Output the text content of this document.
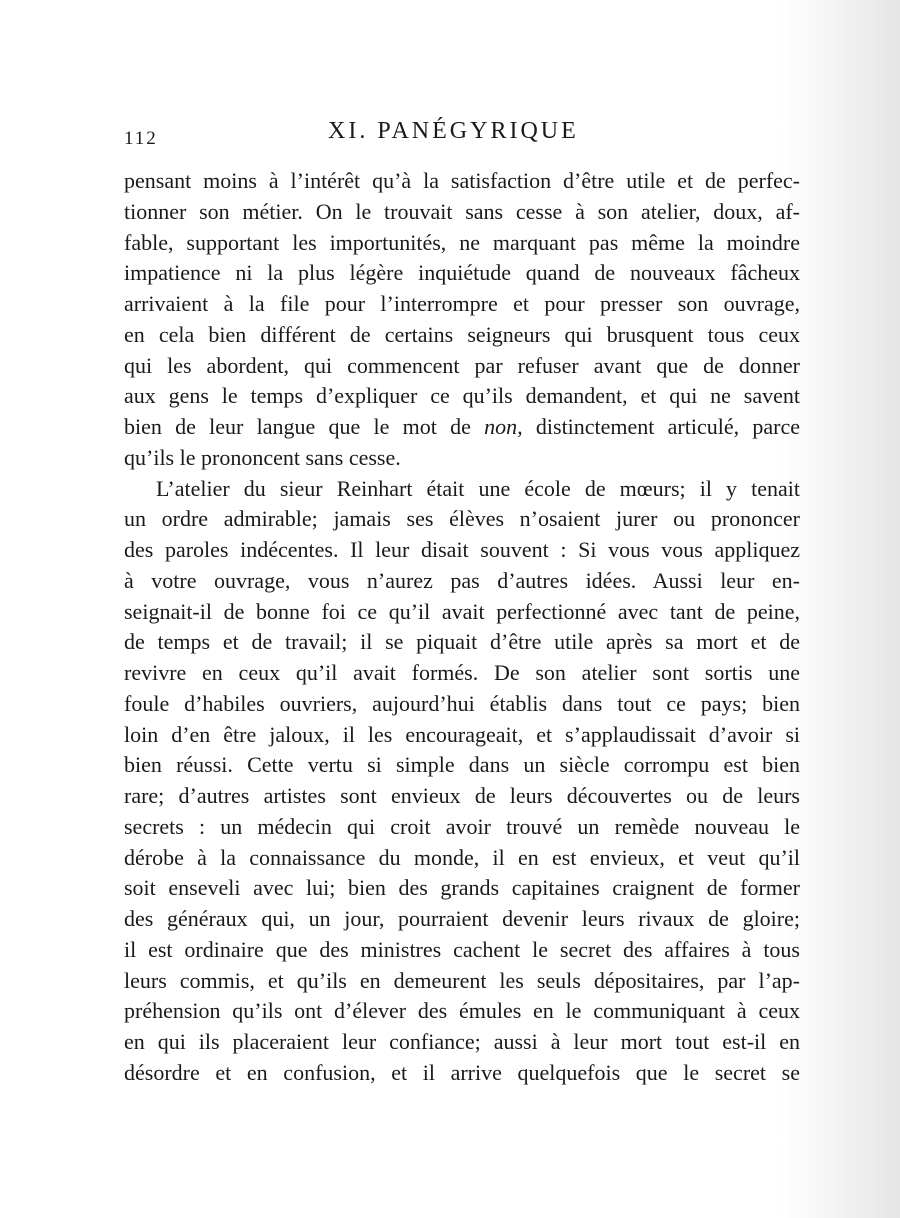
112	XI. PANÉGYRIQUE
pensant moins à l’intérêt qu’à la satisfaction d’être utile et de perfec-
tionner son métier. On le trouvait sans cesse à son atelier, doux, af-
fable, supportant les importunités, ne marquant pas même la moindre
impatience ni la plus légère inquiétude quand de nouveaux fâcheux
arrivaient à la file pour l’interrompre et pour presser son ouvrage,
en cela bien différent de certains seigneurs qui brusquent tous ceux
qui les abordent, qui commencent par refuser avant que de donner
aux gens le temps d’expliquer ce qu’ils demandent, et qui ne savent
bien de leur langue que le mot de non, distinctement articulé, parce
qu’ils le prononcent sans cesse.
L’atelier du sieur Reinhart était une école de mœurs; il y tenait
un ordre admirable; jamais ses élèves n’osaient jurer ou prononcer
des paroles indécentes. Il leur disait souvent : Si vous vous appliquez
à votre ouvrage, vous n’aurez pas d’autres idées. Aussi leur en-
seignait-il de bonne foi ce qu’il avait perfectionné avec tant de peine,
de temps et de travail; il se piquait d’être utile après sa mort et de
revivre en ceux qu’il avait formés. De son atelier sont sortis une
foule d’habiles ouvriers, aujourd’hui établis dans tout ce pays; bien
loin d’en être jaloux, il les encourageait, et s’applaudissait d’avoir si
bien réussi. Cette vertu si simple dans un siècle corrompu est bien
rare; d’autres artistes sont envieux de leurs découvertes ou de leurs
secrets : un médecin qui croit avoir trouvé un remède nouveau le
dérobe à la connaissance du monde, il en est envieux, et veut qu’il
soit enseveli avec lui; bien des grands capitaines craignent de former
des généraux qui, un jour, pourraient devenir leurs rivaux de gloire;
il est ordinaire que des ministres cachent le secret des affaires à tous
leurs commis, et qu’ils en demeurent les seuls dépositaires, par l’ap-
préhension qu’ils ont d’élever des émules en le communiquant à ceux
en qui ils placeraient leur confiance; aussi à leur mort tout est-il en
désordre et en confusion, et il arrive quelquefois que le secret se
